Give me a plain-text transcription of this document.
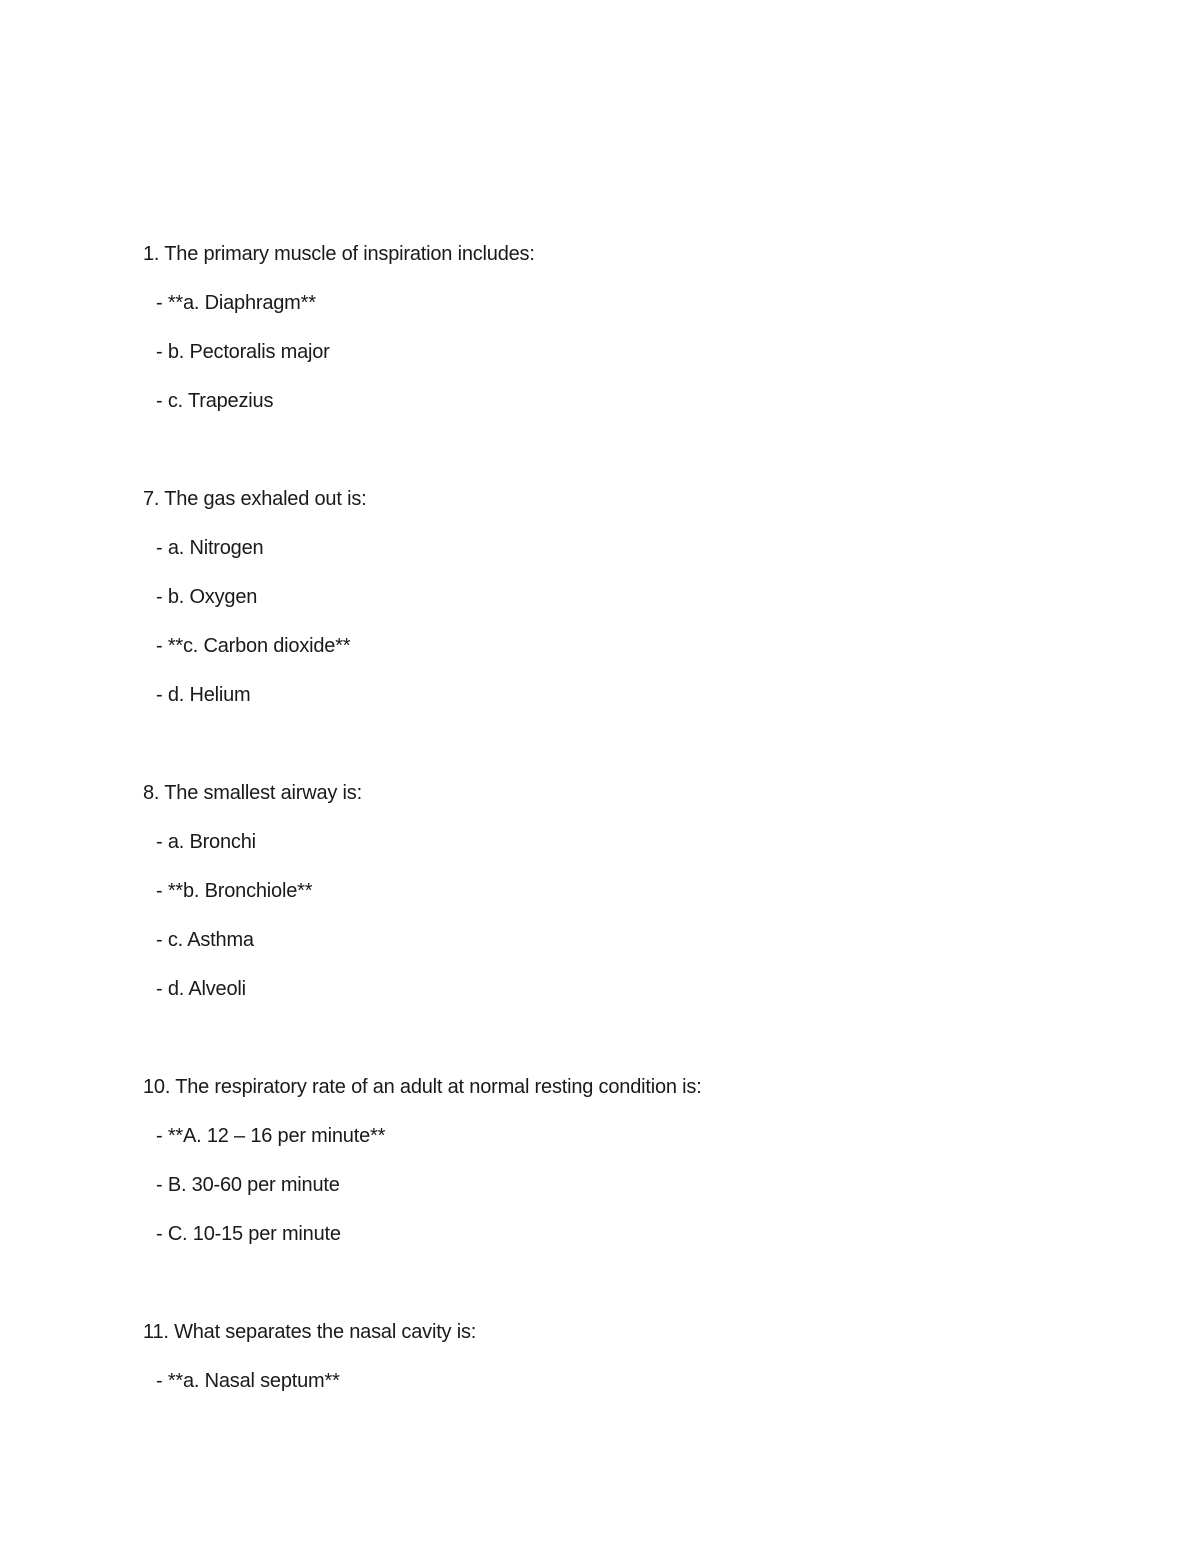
1. The primary muscle of inspiration includes:
- **a. Diaphragm**
- b. Pectoralis major
- c. Trapezius
7. The gas exhaled out is:
- a. Nitrogen
- b. Oxygen
- **c. Carbon dioxide**
- d. Helium
8. The smallest airway is:
- a. Bronchi
- **b. Bronchiole**
- c. Asthma
- d. Alveoli
10. The respiratory rate of an adult at normal resting condition is:
- **A. 12 – 16 per minute**
- B. 30-60 per minute
- C. 10-15 per minute
11. What separates the nasal cavity is:
- **a. Nasal septum**
